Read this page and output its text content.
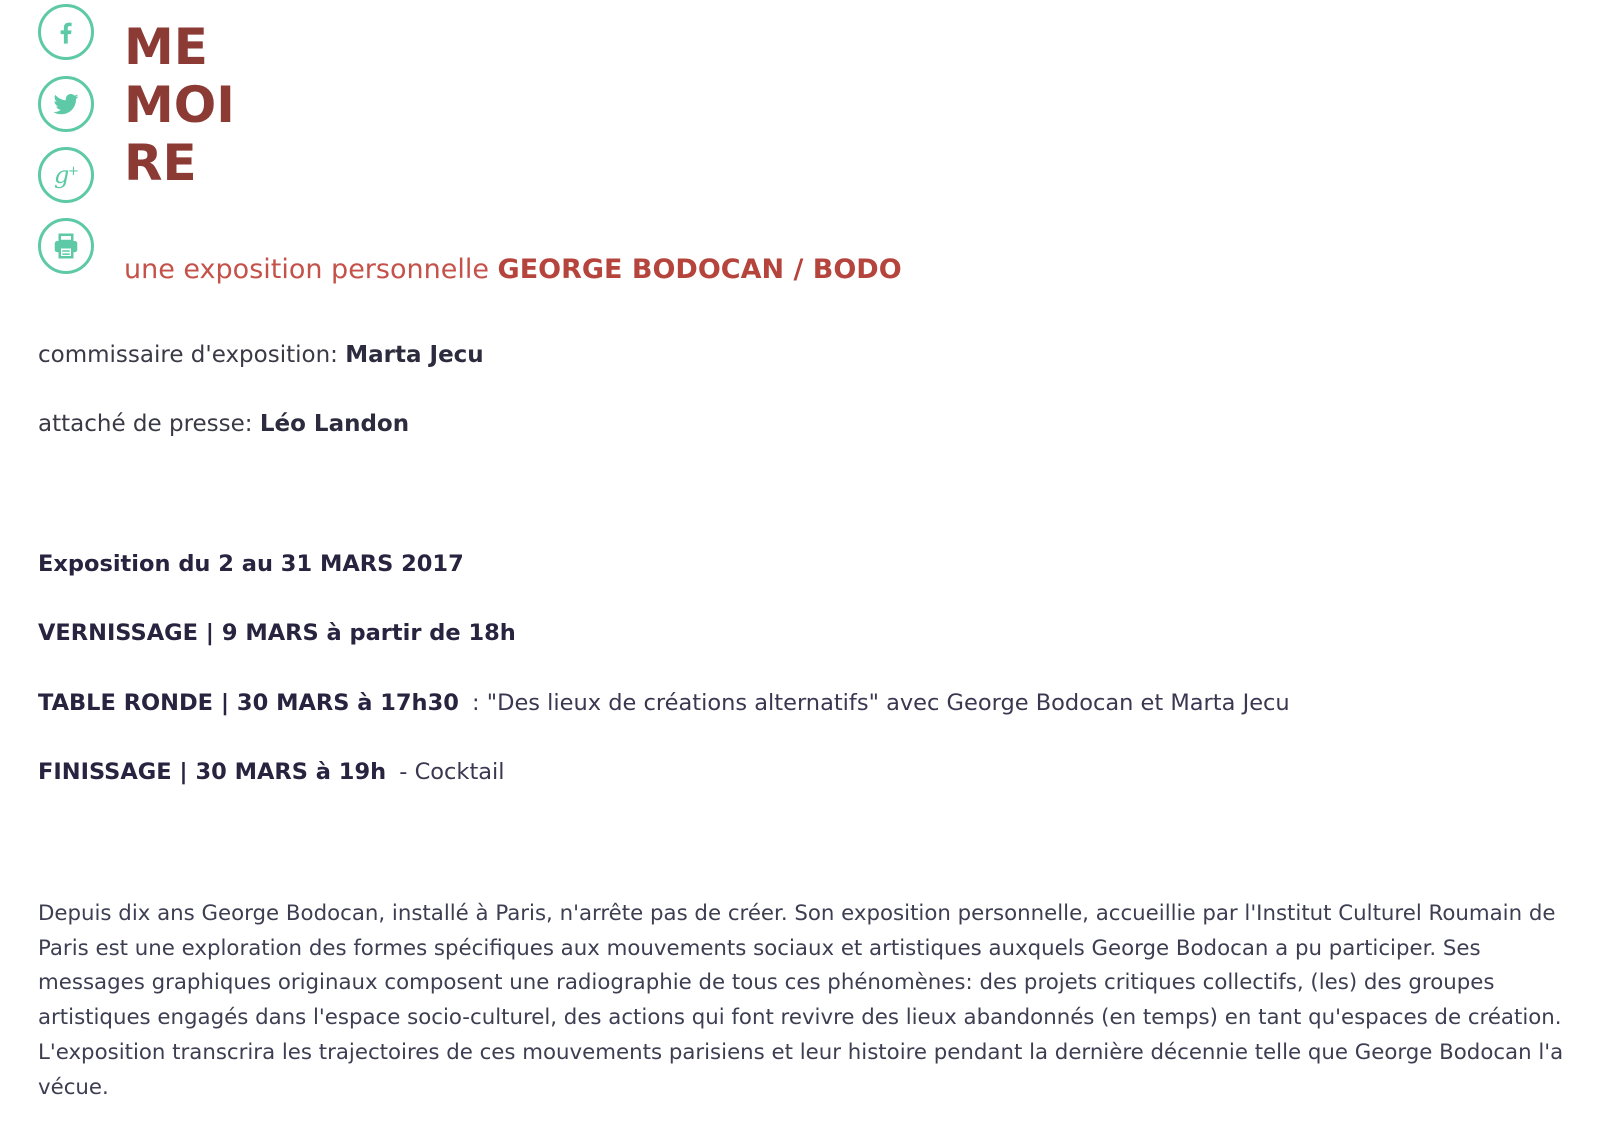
g
+
ME
MOI
RE
une exposition personnelle GEORGE BODOCAN / BODO
commissaire d'exposition: Marta Jecu
attaché de presse: Léo Landon
Exposition du 2 au 31 MARS 2017
VERNISSAGE | 9 MARS à partir de 18h
TABLE RONDE | 30 MARS à 17h30 : "Des lieux de créations alternatifs" avec George Bodocan et Marta Jecu
FINISSAGE | 30 MARS à 19h - Cocktail

Depuis dix ans George Bodocan, installé à Paris, n'arrête pas de créer. Son exposition personnelle, accueillie par l'Institut Culturel Roumain de Paris est une exploration des formes spécifiques aux mouvements sociaux et artistiques auxquels George Bodocan a pu participer. Ses messages graphiques originaux composent une radiographie de tous ces phénomènes: des projets critiques collectifs, (les) des groupes artistiques engagés dans l'espace socio-culturel, des actions qui font revivre des lieux abandonnés (en temps) en tant qu'espaces de création. L'exposition transcrira les trajectoires de ces mouvements parisiens et leur histoire pendant la dernière décennie telle que George Bodocan l'a vécue.
